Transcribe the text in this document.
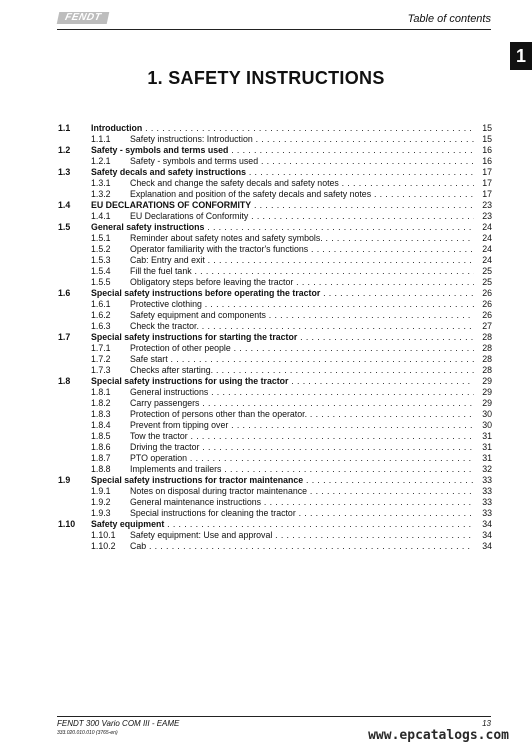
FENDT	Table of contents
1
1. SAFETY INSTRUCTIONS
1.1 Introduction . . .	15
1.1.1 Safety instructions: Introduction . . .	15
1.2 Safety - symbols and terms used . . .	16
1.2.1 Safety - symbols and terms used . . .	16
1.3 Safety decals and safety instructions . . .	17
1.3.1 Check and change the safety decals and safety notes . . .	17
1.3.2 Explanation and position of the safety decals and safety notes . . .	17
1.4 EU DECLARATIONS OF CONFORMITY . . .	23
1.4.1 EU Declarations of Conformity . . .	23
1.5 General safety instructions . . .	24
1.5.1 Reminder about safety notes and safety symbols. . . .	24
1.5.2 Operator familiarity with the tractor's functions . . .	24
1.5.3 Cab: Entry and exit . . .	24
1.5.4 Fill the fuel tank . . .	25
1.5.5 Obligatory steps before leaving the tractor . . .	25
1.6 Special safety instructions before operating the tractor . . .	26
1.6.1 Protective clothing . . .	26
1.6.2 Safety equipment and components . . .	26
1.6.3 Check the tractor. . . .	27
1.7 Special safety instructions for starting the tractor . . .	28
1.7.1 Protection of other people . . .	28
1.7.2 Safe start . . .	28
1.7.3 Checks after starting. . . .	28
1.8 Special safety instructions for using the tractor . . .	29
1.8.1 General instructions . . .	29
1.8.2 Carry passengers . . .	29
1.8.3 Protection of persons other than the operator. . . .	30
1.8.4 Prevent from tipping over . . .	30
1.8.5 Tow the tractor . . .	31
1.8.6 Driving the tractor . . .	31
1.8.7 PTO operation . . .	31
1.8.8 Implements and trailers . . .	32
1.9 Special safety instructions for tractor maintenance . . .	33
1.9.1 Notes on disposal during tractor maintenance . . .	33
1.9.2 General maintenance instructions . . .	33
1.9.3 Special instructions for cleaning the tractor . . .	33
1.10 Safety equipment . . .	34
1.10.1 Safety equipment: Use and approval . . .	34
1.10.2 Cab . . .	34
FENDT 300 Vario COM III - EAME
333.020.010.010 (3765-en)
13
www.epcatalogs.com
